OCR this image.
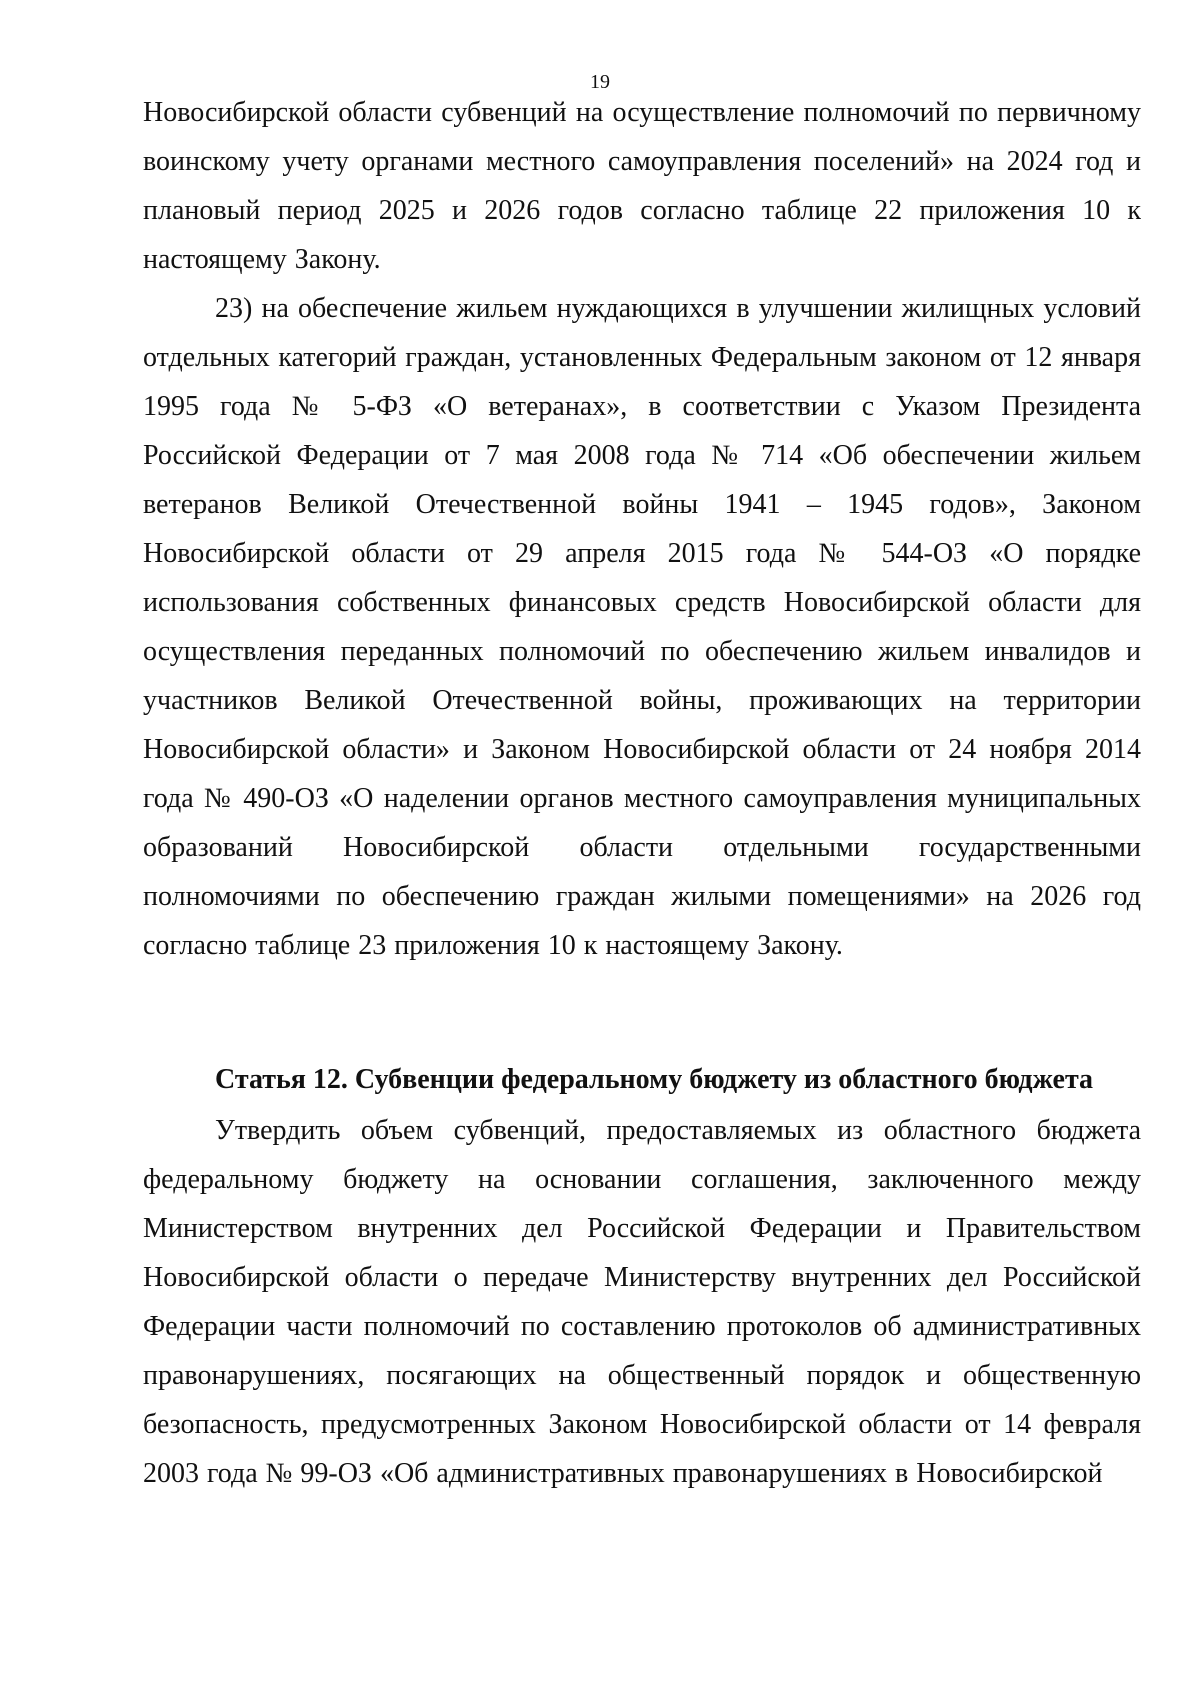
19

Новосибирской области субвенций на осуществление полномочий по первичному воинскому учету органами местного самоуправления поселений» на 2024 год и плановый период 2025 и 2026 годов согласно таблице 22 приложения 10 к настоящему Закону.

23) на обеспечение жильем нуждающихся в улучшении жилищных условий отдельных категорий граждан, установленных Федеральным законом от 12 января 1995 года № 5-ФЗ «О ветеранах», в соответствии с Указом Президента Российской Федерации от 7 мая 2008 года № 714 «Об обеспечении жильем ветеранов Великой Отечественной войны 1941 – 1945 годов», Законом Новосибирской области от 29 апреля 2015 года № 544-ОЗ «О порядке использования собственных финансовых средств Новосибирской области для осуществления переданных полномочий по обеспечению жильем инвалидов и участников Великой Отечественной войны, проживающих на территории Новосибирской области» и Законом Новосибирской области от 24 ноября 2014 года № 490-ОЗ «О наделении органов местного самоуправления муниципальных образований Новосибирской области отдельными государственными полномочиями по обеспечению граждан жилыми помещениями» на 2026 год согласно таблице 23 приложения 10 к настоящему Закону.

Статья 12. Субвенции федеральному бюджету из областного бюджета

Утвердить объем субвенций, предоставляемых из областного бюджета федеральному бюджету на основании соглашения, заключенного между Министерством внутренних дел Российской Федерации и Правительством Новосибирской области о передаче Министерству внутренних дел Российской Федерации части полномочий по составлению протоколов об административных правонарушениях, посягающих на общественный порядок и общественную безопасность, предусмотренных Законом Новосибирской области от 14 февраля 2003 года № 99-ОЗ «Об административных правонарушениях в Новосибирской
